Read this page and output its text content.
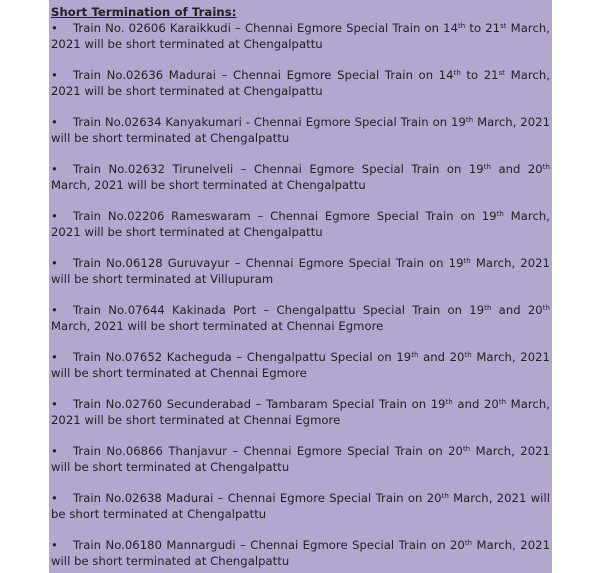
Short Termination of Trains:
• Train No. 02606 Karaikkudi – Chennai Egmore Special Train on 14th to 21st March, 2021 will be short terminated at Chengalpattu
• Train No.02636 Madurai – Chennai Egmore Special Train on 14th to 21st March, 2021 will be short terminated at Chengalpattu
• Train No.02634 Kanyakumari - Chennai Egmore Special Train on 19th March, 2021 will be short terminated at Chengalpattu
• Train No.02632 Tirunelveli – Chennai Egmore Special Train on 19th and 20th March, 2021 will be short terminated at Chengalpattu
• Train No.02206 Rameswaram – Chennai Egmore Special Train on 19th March, 2021 will be short terminated at Chengalpattu
• Train No.06128 Guruvayur – Chennai Egmore Special Train on 19th March, 2021 will be short terminated at Villupuram
• Train No.07644 Kakinada Port – Chengalpattu Special Train on 19th and 20th March, 2021 will be short terminated at Chennai Egmore
• Train No.07652 Kacheguda – Chengalpattu Special on 19th and 20th March, 2021 will be short terminated at Chennai Egmore
• Train No.02760 Secunderabad – Tambaram Special Train on 19th and 20th March, 2021 will be short terminated at Chennai Egmore
• Train No.06866 Thanjavur – Chennai Egmore Special Train on 20th March, 2021 will be short terminated at Chengalpattu
• Train No.02638 Madurai – Chennai Egmore Special Train on 20th March, 2021 will be short terminated at Chengalpattu
• Train No.06180 Mannargudi – Chennai Egmore Special Train on 20th March, 2021 will be short terminated at Chengalpattu
